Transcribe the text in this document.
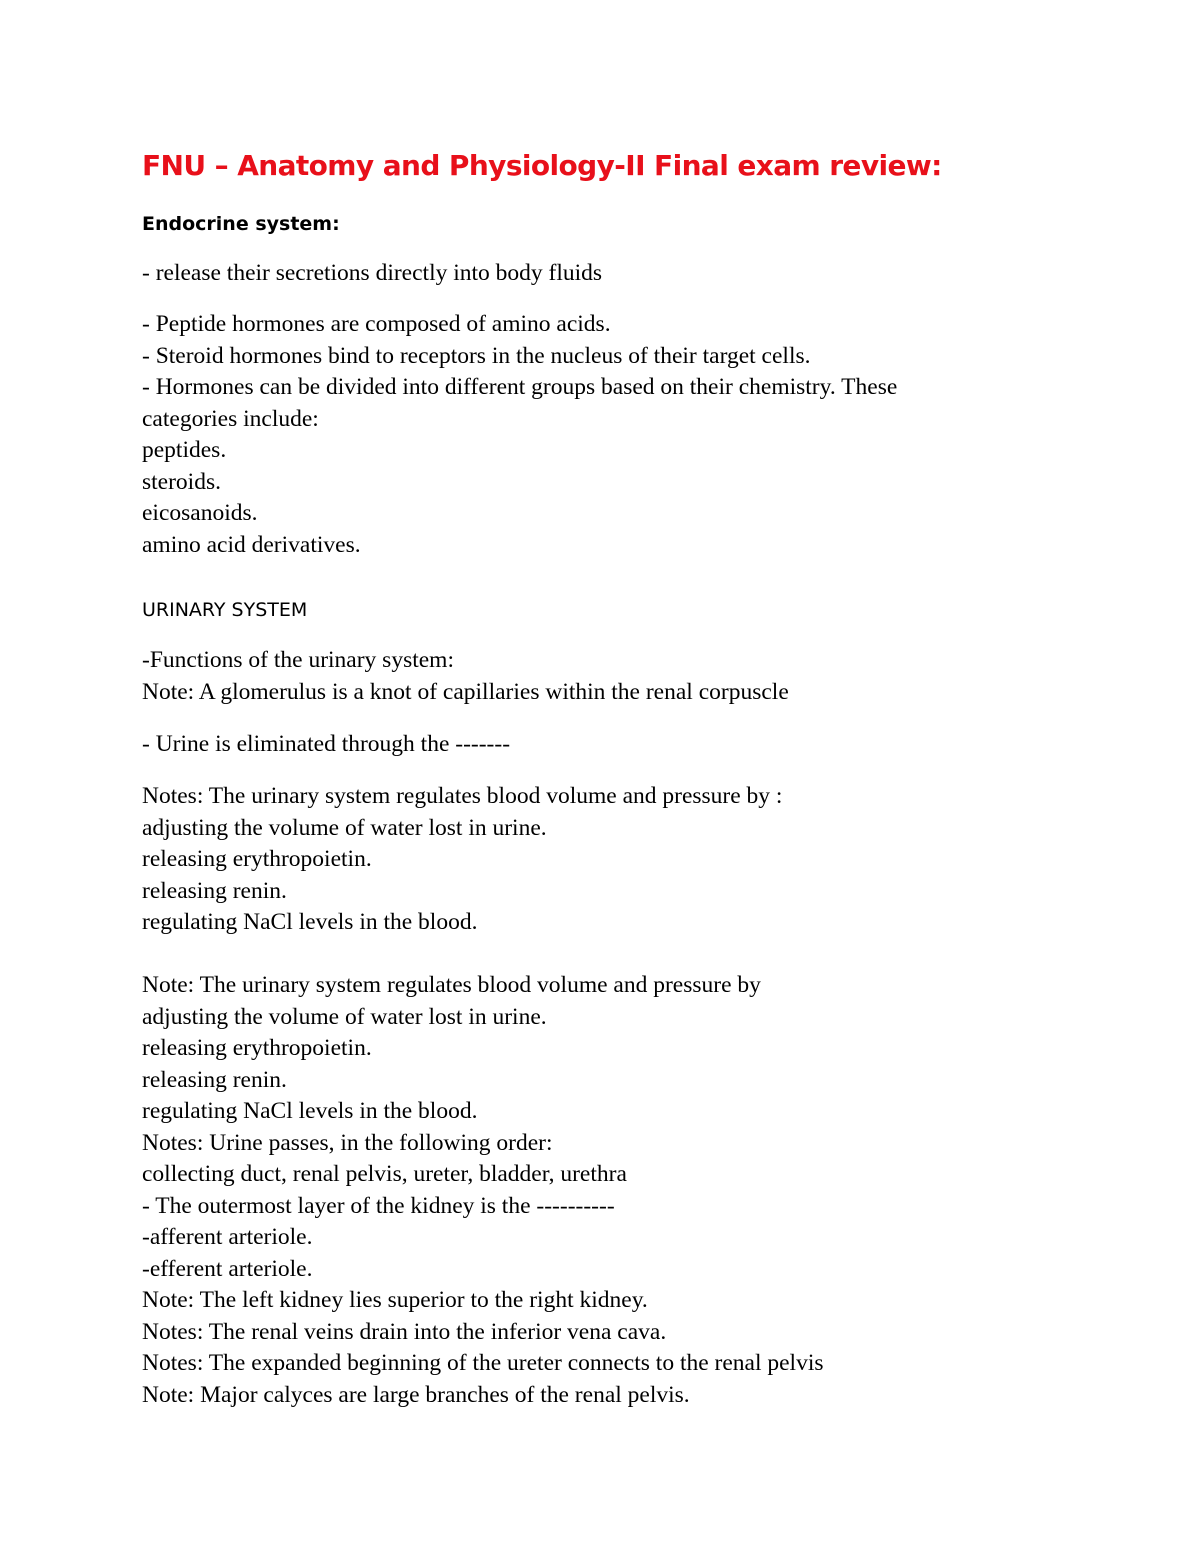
FNU – Anatomy and Physiology-II Final exam review:
Endocrine system:
- release their secretions directly into body fluids
- Peptide hormones are composed of amino acids.
- Steroid hormones bind to receptors in the nucleus of their target cells.
- Hormones can be divided into different groups based on their chemistry. These
categories include:
peptides.
steroids.
eicosanoids.
amino acid derivatives.
URINARY SYSTEM
-Functions of the urinary system:
Note: A glomerulus is a knot of capillaries within the renal corpuscle
- Urine is eliminated through the -------
Notes: The urinary system regulates blood volume and pressure by :
adjusting the volume of water lost in urine.
releasing erythropoietin.
releasing renin.
regulating NaCl levels in the blood.
Note: The urinary system regulates blood volume and pressure by
adjusting the volume of water lost in urine.
releasing erythropoietin.
releasing renin.
regulating NaCl levels in the blood.
Notes: Urine passes, in the following order:
collecting duct, renal pelvis, ureter, bladder, urethra
- The outermost layer of the kidney is the ----------
-afferent arteriole.
-efferent arteriole.
Note: The left kidney lies superior to the right kidney.
Notes: The renal veins drain into the inferior vena cava.
Notes: The expanded beginning of the ureter connects to the renal pelvis
Note: Major calyces are large branches of the renal pelvis.
